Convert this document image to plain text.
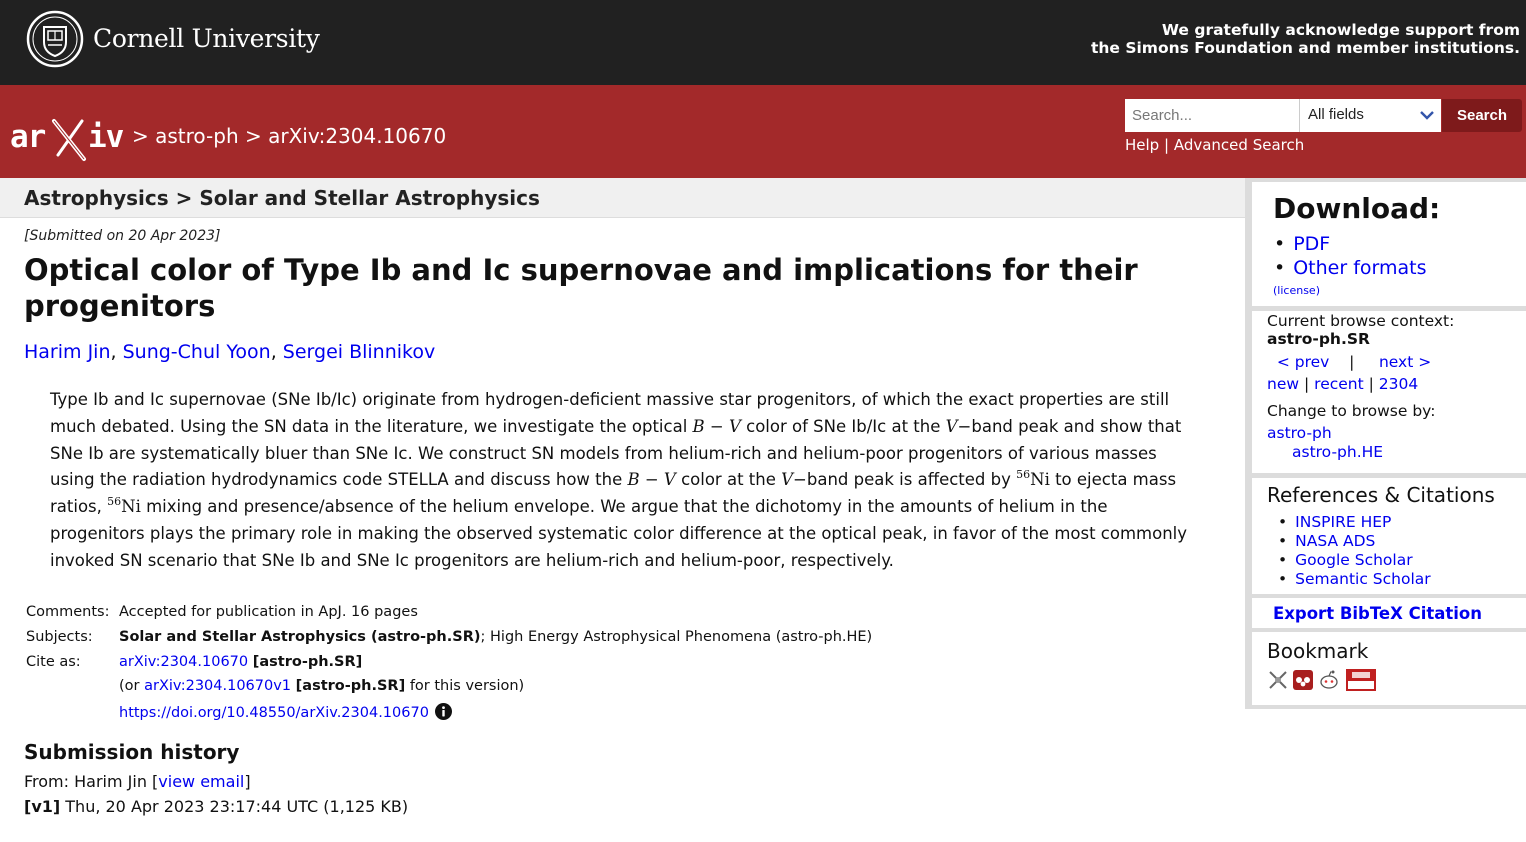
Cornell University	We gratefully acknowledge support from
the Simons Foundation and member institutions.
ar iv > astro-ph > arXiv:2304.10670
Search...
All fields	Search
Help | Advanced Search
Astrophysics > Solar and Stellar Astrophysics
[Submitted on 20 Apr 2023]
Optical color of Type Ib and Ic supernovae and implications for their progenitors
Harim Jin, Sung-Chul Yoon, Sergei Blinnikov
Type Ib and Ic supernovae (SNe Ib/Ic) originate from hydrogen-deficient massive star progenitors, of which the exact properties are still much debated. Using the SN data in the literature, we investigate the optical B − V color of SNe Ib/Ic at the V−band peak and show that SNe Ib are systematically bluer than SNe Ic. We construct SN models from helium-rich and helium-poor progenitors of various masses using the radiation hydrodynamics code STELLA and discuss how the B − V color at the V−band peak is affected by $^{56}$Ni to ejecta mass ratios, $^{56}$Ni mixing and presence/absence of the helium envelope. We argue that the dichotomy in the amounts of helium in the progenitors plays the primary role in making the observed systematic color difference at the optical peak, in favor of the most commonly invoked SN scenario that SNe Ib and SNe Ic progenitors are helium-rich and helium-poor, respectively.
Comments: Accepted for publication in ApJ. 16 pages
Subjects:	Solar and Stellar Astrophysics (astro-ph.SR); High Energy Astrophysical Phenomena (astro-ph.HE)
Cite as:	arXiv:2304.10670 [astro-ph.SR]
(or arXiv:2304.10670v1 [astro-ph.SR] for this version)
https://doi.org/10.48550/arXiv.2304.10670
Submission history
From: Harim Jin [view email]
[v1] Thu, 20 Apr 2023 23:17:44 UTC (1,125 KB)
Download:
• PDF
• Other formats
(license)
Current browse context:
astro-ph.SR
< prev | next >
new | recent | 2304
Change to browse by:
astro-ph
astro-ph.HE
References & Citations
• INSPIRE HEP
• NASA ADS
• Google Scholar
• Semantic Scholar
Export BibTeX Citation
Bookmark
